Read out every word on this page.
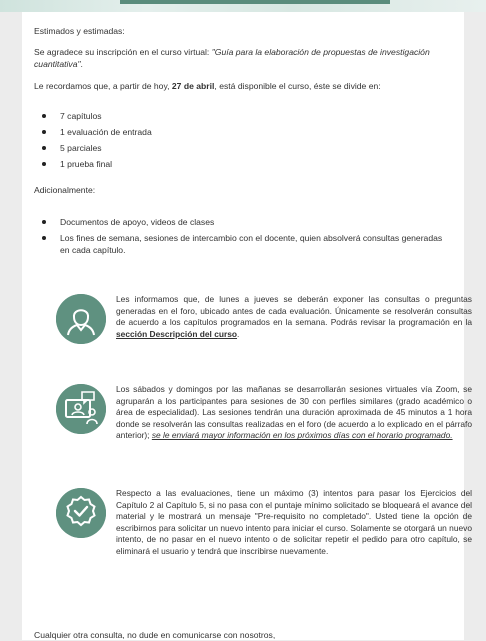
Estimados y estimadas:

Se agradece su inscripción en el curso virtual: "Guía para la elaboración de propuestas de investigación cuantitativa".

Le recordamos que, a partir de hoy, 27 de abril, está disponible el curso, éste se divide en:

7 capítulos
1 evaluación de entrada
5 parciales
1 prueba final

Adicionalmente:

Documentos de apoyo, videos de clases
Los fines de semana, sesiones de intercambio con el docente, quien absolverá consultas generadas en cada capítulo.

Les informamos que, de lunes a jueves se deberán exponer las consultas o preguntas generadas en el foro, ubicado antes de cada evaluación. Únicamente se resolverán consultas de acuerdo a los capítulos programados en la semana. Podrás revisar la programación en la sección Descripción del curso.

Los sábados y domingos por las mañanas se desarrollarán sesiones virtuales vía Zoom, se agruparán a los participantes para sesiones de 30 con perfiles similares (grado académico o área de especialidad). Las sesiones tendrán una duración aproximada de 45 minutos a 1 hora donde se resolverán las consultas realizadas en el foro (de acuerdo a lo explicado en el párrafo anterior); se le enviará mayor información en los próximos días con el horario programado.

Respecto a las evaluaciones, tiene un máximo (3) intentos para pasar los Ejercicios del Capítulo 2 al Capítulo 5, si no pasa con el puntaje mínimo solicitado se bloqueará el avance del material y le mostrará un mensaje "Pre-requisito no completado". Usted tiene la opción de escribirnos para solicitar un nuevo intento para iniciar el curso. Solamente se otorgará un nuevo intento, de no pasar en el nuevo intento o de solicitar repetir el pedido para otro capítulo, se eliminará el usuario y tendrá que inscribirse nuevamente.

Cualquier otra consulta, no dude en comunicarse con nosotros,
